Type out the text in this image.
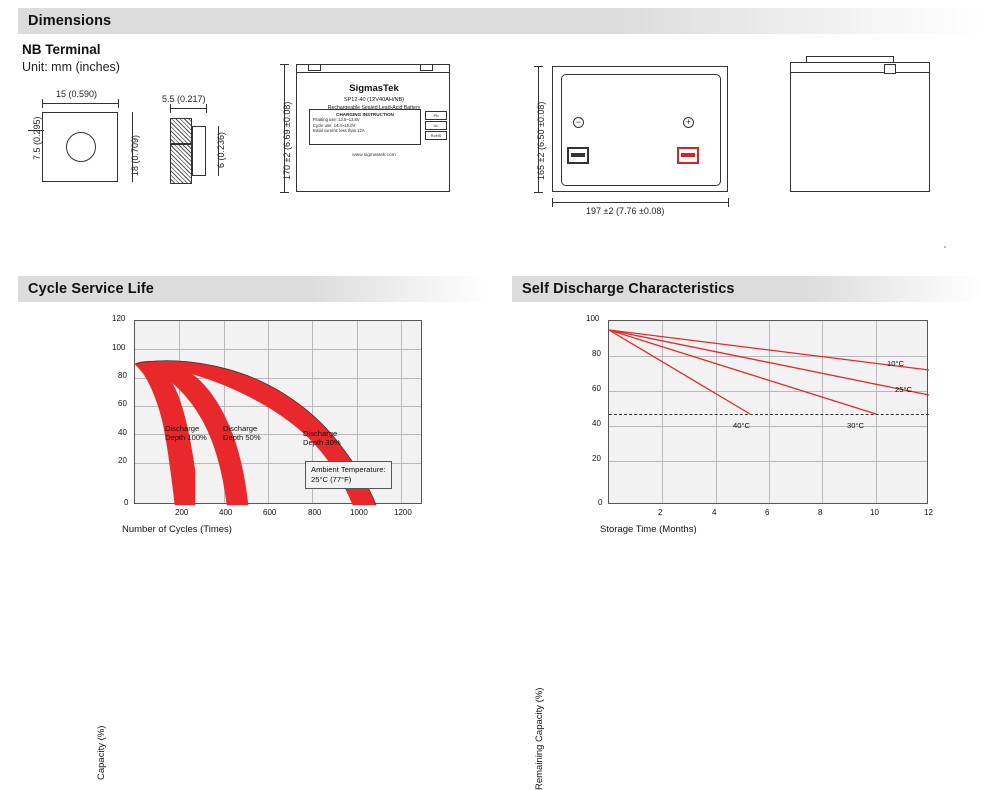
Dimensions
NB Terminal
Unit: mm (inches)
15 (0.590)
7.5 (0.295)	18 (0.709)
5.5 (0.217)
6 (0.236)
SigmasTek
SP12-40 (12V40AH/NB)
Rechargeable Sealed Lead-Acid Battery
CHARGING INSTRUCTION
Floating use: 13.5~13.8V
Cycle use: 14.4~15.0V
Initial current: less than 12A
Pb
UL
RoHS
www.sigmastek.com
170 ±2 (6.69 ±0.08)	−	+
165 ±2 (6.50 ±0.08)
197 ±2 (7.76 ±0.08)
Cycle Service Life
Capacity (%)
Discharge
Depth 100%
Discharge
Depth 50%	Discharge
Depth 30%
Ambient Temperature:
25°C (77°F)
120
100
80
60
40
20
0
200	400	600	800	1000	1200
Number of Cycles (Times)
Self Discharge Characteristics
Remaining Capacity (%)
10°C
25°C
40°C	30°C
100
80
60
40
20
0
2	4	6	8	10	12
Storage Time (Months)
